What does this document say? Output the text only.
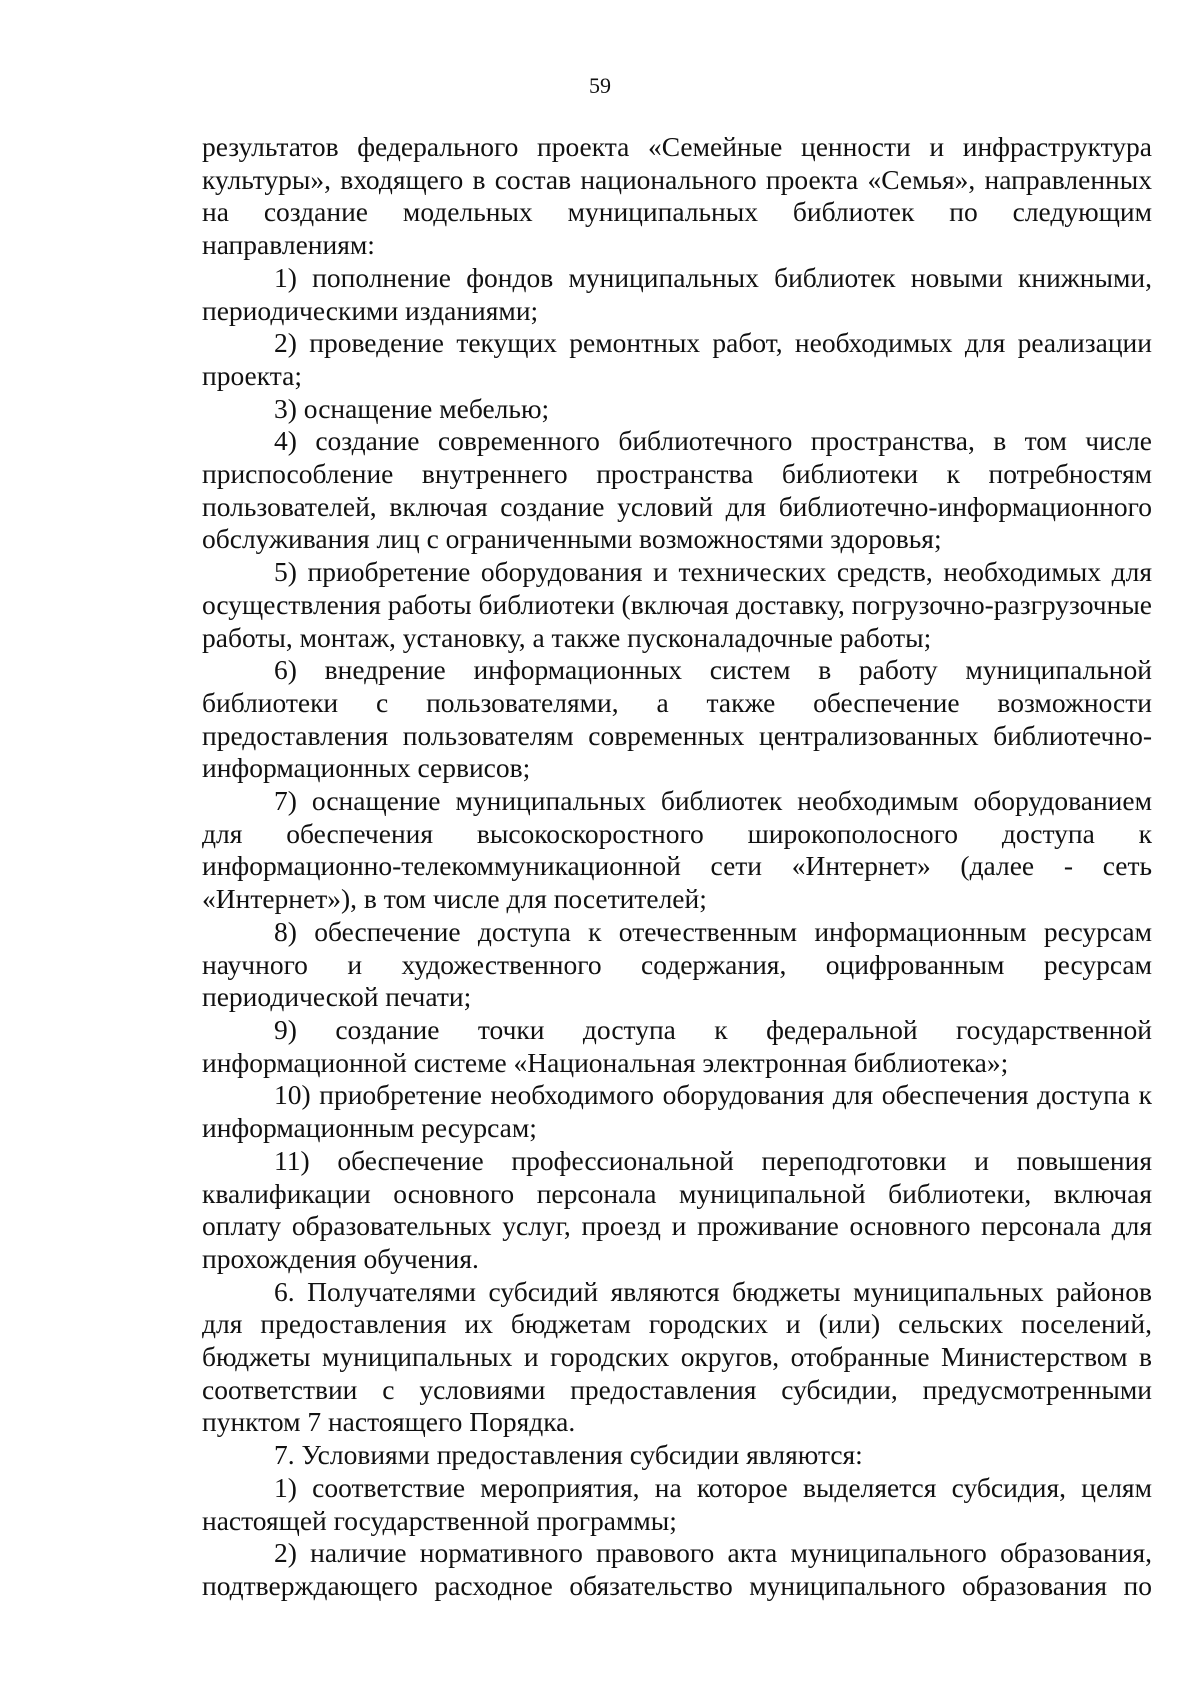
59

результатов федерального проекта «Семейные ценности и инфраструктура культуры», входящего в состав национального проекта «Семья», направленных на создание модельных муниципальных библиотек по следующим направлениям:

1) пополнение фондов муниципальных библиотек новыми книжными, периодическими изданиями;

2) проведение текущих ремонтных работ, необходимых для реализации проекта;

3) оснащение мебелью;

4) создание современного библиотечного пространства, в том числе приспособление внутреннего пространства библиотеки к потребностям пользователей, включая создание условий для библиотечно-информационного обслуживания лиц с ограниченными возможностями здоровья;

5) приобретение оборудования и технических средств, необходимых для осуществления работы библиотеки (включая доставку, погрузочно-разгрузочные работы, монтаж, установку, а также пусконаладочные работы;

6) внедрение информационных систем в работу муниципальной библиотеки с пользователями, а также обеспечение возможности предоставления пользователям современных централизованных библиотечно-информационных сервисов;

7) оснащение муниципальных библиотек необходимым оборудованием для обеспечения высокоскоростного широкополосного доступа к информационно-телекоммуникационной сети «Интернет» (далее - сеть «Интернет»), в том числе для посетителей;

8) обеспечение доступа к отечественным информационным ресурсам научного и художественного содержания, оцифрованным ресурсам периодической печати;

9) создание точки доступа к федеральной государственной информационной системе «Национальная электронная библиотека»;

10) приобретение необходимого оборудования для обеспечения доступа к информационным ресурсам;

11) обеспечение профессиональной переподготовки и повышения квалификации основного персонала муниципальной библиотеки, включая оплату образовательных услуг, проезд и проживание основного персонала для прохождения обучения.

6. Получателями субсидий являются бюджеты муниципальных районов для предоставления их бюджетам городских и (или) сельских поселений, бюджеты муниципальных и городских округов, отобранные Министерством в соответствии с условиями предоставления субсидии, предусмотренными пунктом 7 настоящего Порядка.

7. Условиями предоставления субсидии являются:

1) соответствие мероприятия, на которое выделяется субсидия, целям настоящей государственной программы;

2) наличие нормативного правового акта муниципального образования, подтверждающего расходное обязательство муниципального образования по
